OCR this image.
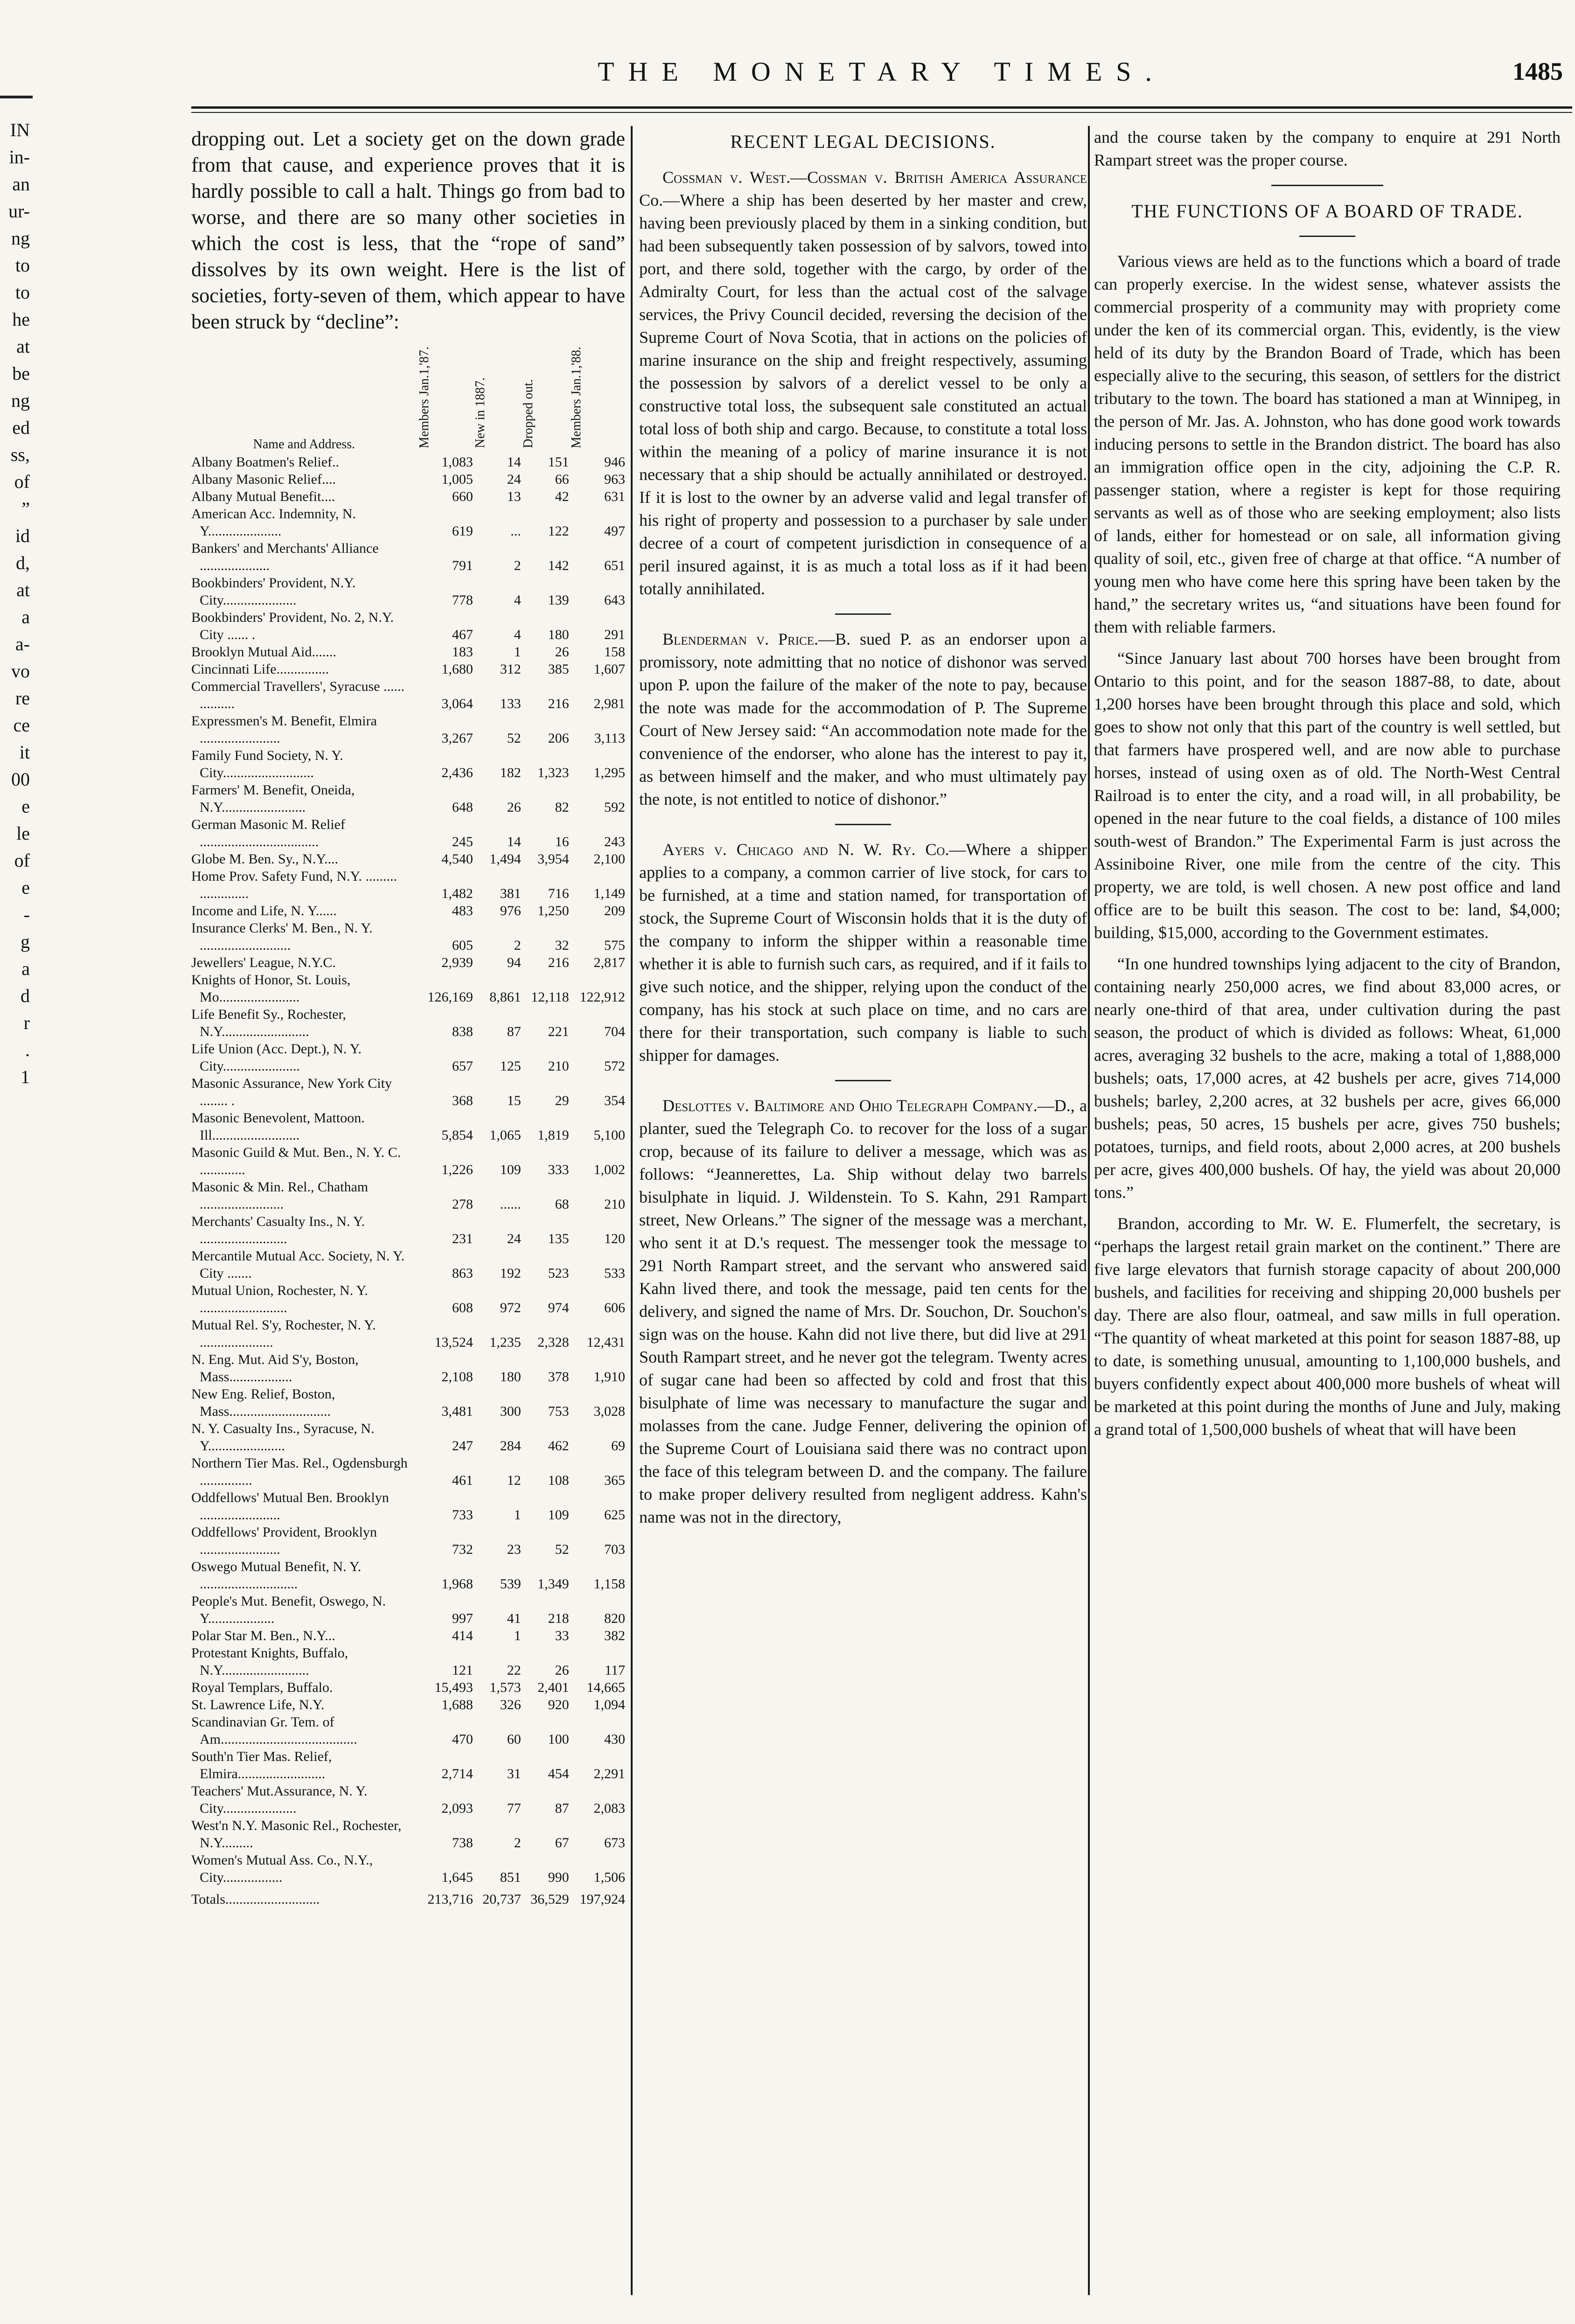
IN
in-
an
ur-
ng
to
to
he
at
be
ng
ed
ss,
of
”
id
d,
at
a
a-
vo
re
ce
it
00
e
le
of
e
-
g
a
d
r
.
1
THE MONETARY TIMES.	1485

dropping out. Let a society get on the down grade from that cause, and experience proves that it is hardly possible to call a halt. Things go from bad to worse, and there are so many other societies in which the cost is less, that the “rope of sand” dissolves by its own weight. Here is the list of societies, forty-seven of them, which appear to have been struck by “decline”:

Name and Address.	Members Jan.1,'87.	New in 1887.	Dropped out.	Members Jan.1,'88.
Albany Boatmen's Relief..	1,083	14	151	946
Albany Masonic Relief....	1,005	24	66	963
Albany Mutual Benefit....	660	13	42	631
American Acc. Indemnity, N. Y.....................	619	...	122	497
Bankers' and Merchants' Alliance ....................	791	2	142	651
Bookbinders' Provident, N.Y. City.....................	778	4	139	643
Bookbinders' Provident, No. 2, N.Y. City ...... .	467	4	180	291
Brooklyn Mutual Aid.......	183	1	26	158
Cincinnati Life...............	1,680	312	385	1,607
Commercial Travellers', Syracuse ...... ..........	3,064	133	216	2,981
Expressmen's M. Benefit, Elmira .......................	3,267	52	206	3,113
Family Fund Society, N. Y. City..........................	2,436	182	1,323	1,295
Farmers' M. Benefit, Oneida, N.Y........................	648	26	82	592
German Masonic M. Relief ..................................	245	14	16	243
Globe M. Ben. Sy., N.Y....	4,540	1,494	3,954	2,100
Home Prov. Safety Fund, N.Y. ......... ..............	1,482	381	716	1,149
Income and Life, N. Y......	483	976	1,250	209
Insurance Clerks' M. Ben., N. Y. ..........................	605	2	32	575
Jewellers' League, N.Y.C.	2,939	94	216	2,817
Knights of Honor, St. Louis, Mo.......................	126,169	8,861	12,118	122,912
Life Benefit Sy., Rochester, N.Y.........................	838	87	221	704
Life Union (Acc. Dept.), N. Y. City......................	657	125	210	572
Masonic Assurance, New York City ........ .	368	15	29	354
Masonic Benevolent, Mattoon. Ill.........................	5,854	1,065	1,819	5,100
Masonic Guild & Mut. Ben., N. Y. C. .............	1,226	109	333	1,002
Masonic & Min. Rel., Chatham ........................	278	......	68	210
Merchants' Casualty Ins., N. Y. .........................	231	24	135	120
Mercantile Mutual Acc. Society, N. Y. City .......	863	192	523	533
Mutual Union, Rochester, N. Y. .........................	608	972	974	606
Mutual Rel. S'y, Rochester, N. Y. .....................	13,524	1,235	2,328	12,431
N. Eng. Mut. Aid S'y, Boston, Mass..................	2,108	180	378	1,910
New Eng. Relief, Boston, Mass.............................	3,481	300	753	3,028
N. Y. Casualty Ins., Syracuse, N. Y......................	247	284	462	69
Northern Tier Mas. Rel., Ogdensburgh ...............	461	12	108	365
Oddfellows' Mutual Ben. Brooklyn .......................	733	1	109	625
Oddfellows' Provident, Brooklyn .......................	732	23	52	703
Oswego Mutual Benefit, N. Y. ............................	1,968	539	1,349	1,158
People's Mut. Benefit, Oswego, N. Y...................	997	41	218	820
Polar Star M. Ben., N.Y...	414	1	33	382
Protestant Knights, Buffalo, N.Y.........................	121	22	26	117
Royal Templars, Buffalo.	15,493	1,573	2,401	14,665
St. Lawrence Life, N.Y.	1,688	326	920	1,094
Scandinavian Gr. Tem. of Am.......................................	470	60	100	430
South'n Tier Mas. Relief, Elmira.........................	2,714	31	454	2,291
Teachers' Mut.Assurance, N. Y. City.....................	2,093	77	87	2,083
West'n N.Y. Masonic Rel., Rochester, N.Y.........	738	2	67	673
Women's Mutual Ass. Co., N.Y., City.................	1,645	851	990	1,506
Totals...........................	213,716	20,737	36,529	197,924
RECENT LEGAL DECISIONS.

Cossman v. West.—Cossman v. British America Assurance Co.—Where a ship has been deserted by her master and crew, having been previously placed by them in a sinking condition, but had been subsequently taken possession of by salvors, towed into port, and there sold, together with the cargo, by order of the Admiralty Court, for less than the actual cost of the salvage services, the Privy Council decided, reversing the decision of the Supreme Court of Nova Scotia, that in actions on the policies of marine insurance on the ship and freight respectively, assuming the possession by salvors of a derelict vessel to be only a constructive total loss, the subsequent sale constituted an actual total loss of both ship and cargo. Because, to constitute a total loss within the meaning of a policy of marine insurance it is not necessary that a ship should be actually annihilated or destroyed. If it is lost to the owner by an adverse valid and legal transfer of his right of property and possession to a purchaser by sale under decree of a court of competent jurisdiction in consequence of a peril insured against, it is as much a total loss as if it had been totally annihilated.

Blenderman v. Price.—B. sued P. as an endorser upon a promissory, note admitting that no notice of dishonor was served upon P. upon the failure of the maker of the note to pay, because the note was made for the accommodation of P. The Supreme Court of New Jersey said: “An accommodation note made for the convenience of the endorser, who alone has the interest to pay it, as between himself and the maker, and who must ultimately pay the note, is not entitled to notice of dishonor.”

Ayers v. Chicago and N. W. Ry. Co.—Where a shipper applies to a company, a common carrier of live stock, for cars to be furnished, at a time and station named, for transportation of stock, the Supreme Court of Wisconsin holds that it is the duty of the company to inform the shipper within a reasonable time whether it is able to furnish such cars, as required, and if it fails to give such notice, and the shipper, relying upon the conduct of the company, has his stock at such place on time, and no cars are there for their transportation, such company is liable to such shipper for damages.

Deslottes v. Baltimore and Ohio Telegraph Company.—D., a planter, sued the Telegraph Co. to recover for the loss of a sugar crop, because of its failure to deliver a message, which was as follows: “Jeannerettes, La. Ship without delay two barrels bisulphate in liquid. J. Wildenstein. To S. Kahn, 291 Rampart street, New Orleans.” The signer of the message was a merchant, who sent it at D.'s request. The messenger took the message to 291 North Rampart street, and the servant who answered said Kahn lived there, and took the message, paid ten cents for the delivery, and signed the name of Mrs. Dr. Souchon, Dr. Souchon's sign was on the house. Kahn did not live there, but did live at 291 South Rampart street, and he never got the telegram. Twenty acres of sugar cane had been so affected by cold and frost that this bisulphate of lime was necessary to manufacture the sugar and molasses from the cane. Judge Fenner, delivering the opinion of the Supreme Court of Louisiana said there was no contract upon the face of this telegram between D. and the company. The failure to make proper delivery resulted from negligent address. Kahn's name was not in the directory,

and the course taken by the company to enquire at 291 North Rampart street was the proper course.

THE FUNCTIONS OF A BOARD OF TRADE.

Various views are held as to the functions which a board of trade can properly exercise. In the widest sense, whatever assists the commercial prosperity of a community may with propriety come under the ken of its commercial organ. This, evidently, is the view held of its duty by the Brandon Board of Trade, which has been especially alive to the securing, this season, of settlers for the district tributary to the town. The board has stationed a man at Winnipeg, in the person of Mr. Jas. A. Johnston, who has done good work towards inducing persons to settle in the Brandon district. The board has also an immigration office open in the city, adjoining the C.P. R. passenger station, where a register is kept for those requiring servants as well as of those who are seeking employment; also lists of lands, either for homestead or on sale, all information giving quality of soil, etc., given free of charge at that office. “A number of young men who have come here this spring have been taken by the hand,” the secretary writes us, “and situations have been found for them with reliable farmers.

“Since January last about 700 horses have been brought from Ontario to this point, and for the season 1887-88, to date, about 1,200 horses have been brought through this place and sold, which goes to show not only that this part of the country is well settled, but that farmers have prospered well, and are now able to purchase horses, instead of using oxen as of old. The North-West Central Railroad is to enter the city, and a road will, in all probability, be opened in the near future to the coal fields, a distance of 100 miles south-west of Brandon.” The Experimental Farm is just across the Assiniboine River, one mile from the centre of the city. This property, we are told, is well chosen. A new post office and land office are to be built this season. The cost to be: land, $4,000; building, $15,000, according to the Government estimates.

“In one hundred townships lying adjacent to the city of Brandon, containing nearly 250,000 acres, we find about 83,000 acres, or nearly one-third of that area, under cultivation during the past season, the product of which is divided as follows: Wheat, 61,000 acres, averaging 32 bushels to the acre, making a total of 1,888,000 bushels; oats, 17,000 acres, at 42 bushels per acre, gives 714,000 bushels; barley, 2,200 acres, at 32 bushels per acre, gives 66,000 bushels; peas, 50 acres, 15 bushels per acre, gives 750 bushels; potatoes, turnips, and field roots, about 2,000 acres, at 200 bushels per acre, gives 400,000 bushels. Of hay, the yield was about 20,000 tons.”

Brandon, according to Mr. W. E. Flumerfelt, the secretary, is “perhaps the largest retail grain market on the continent.” There are five large elevators that furnish storage capacity of about 200,000 bushels, and facilities for receiving and shipping 20,000 bushels per day. There are also flour, oatmeal, and saw mills in full operation. “The quantity of wheat marketed at this point for season 1887-88, up to date, is something unusual, amounting to 1,100,000 bushels, and buyers confidently expect about 400,000 more bushels of wheat will be marketed at this point during the months of June and July, making a grand total of 1,500,000 bushels of wheat that will have been
